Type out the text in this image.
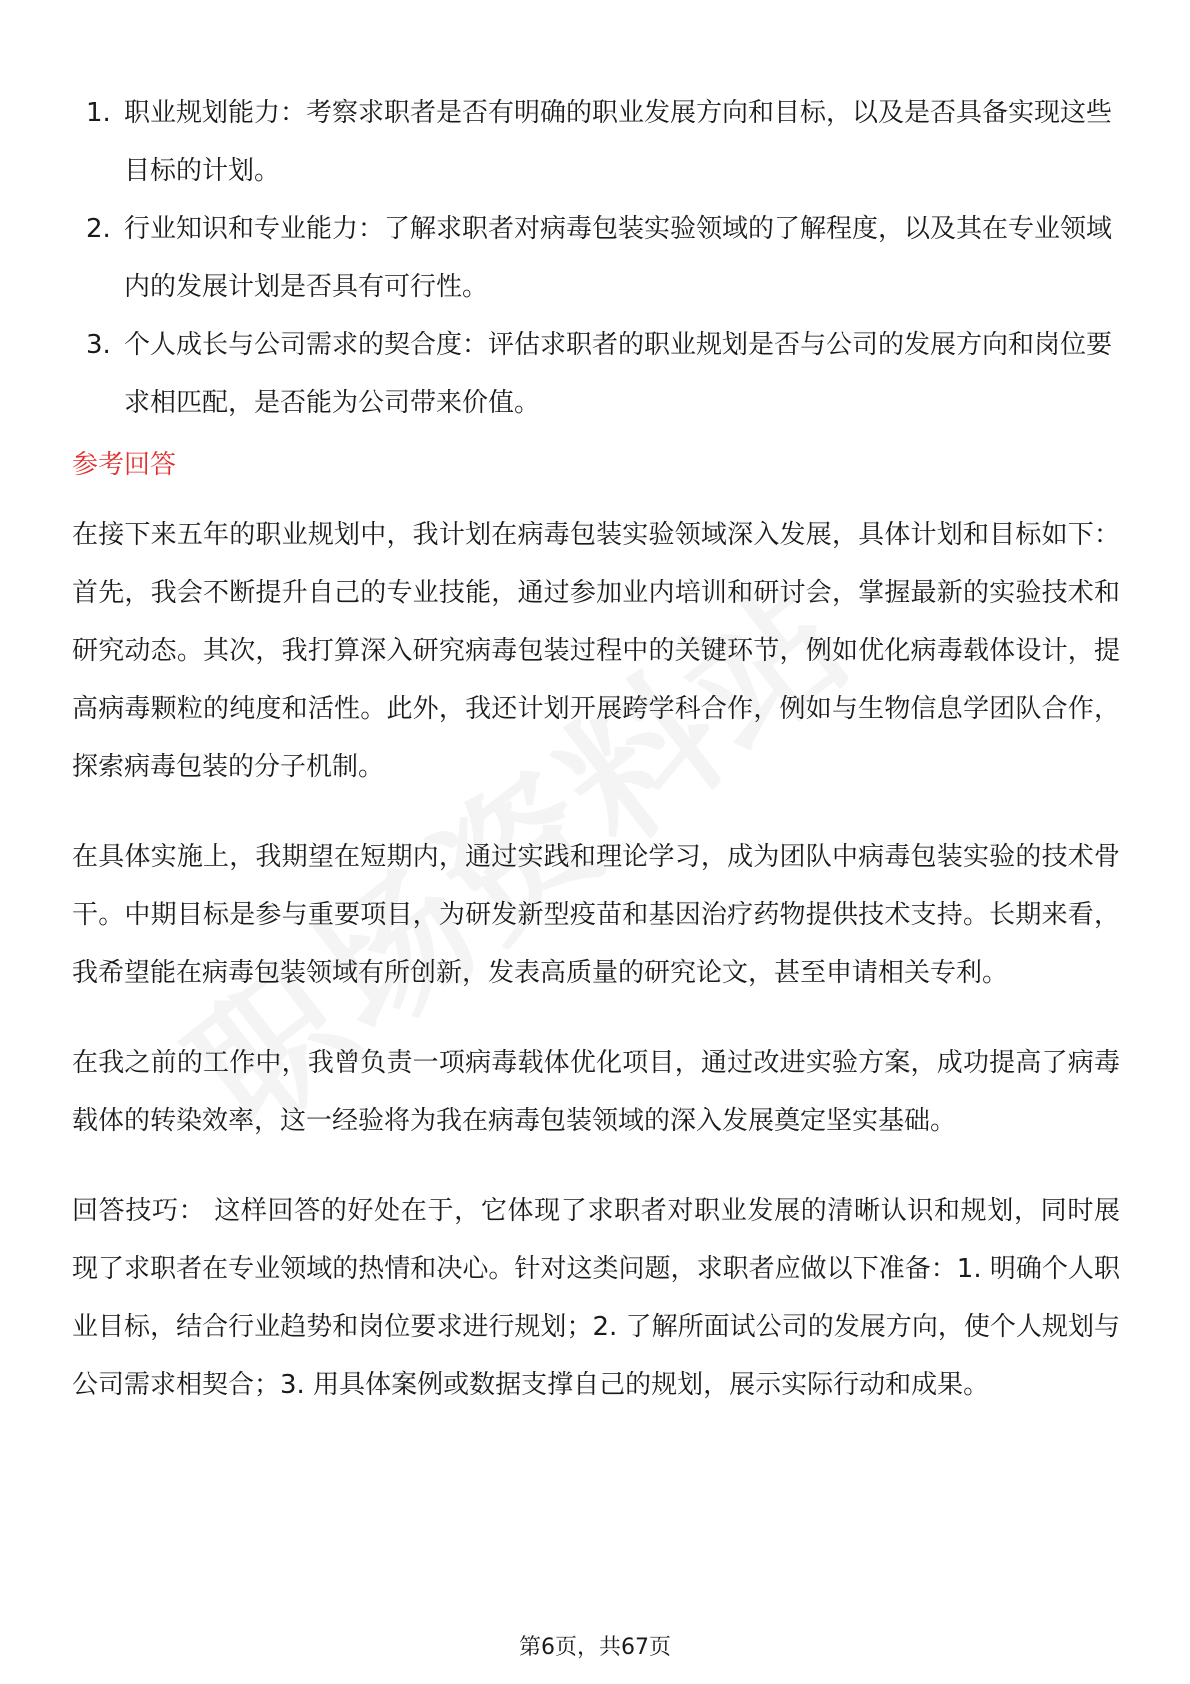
1. 职业规划能力：考察求职者是否有明确的职业发展方向和目标，以及是否具备实现这些目标的计划。
2. 行业知识和专业能力：了解求职者对病毒包装实验领域的了解程度，以及其在专业领域内的发展计划是否具有可行性。
3. 个人成长与公司需求的契合度：评估求职者的职业规划是否与公司的发展方向和岗位要求相匹配，是否能为公司带来价值。
参考回答

在接下来五年的职业规划中，我计划在病毒包装实验领域深入发展，具体计划和目标如下：首先，我会不断提升自己的专业技能，通过参加业内培训和研讨会，掌握最新的实验技术和研究动态。其次，我打算深入研究病毒包装过程中的关键环节，例如优化病毒载体设计，提高病毒颗粒的纯度和活性。此外，我还计划开展跨学科合作，例如与生物信息学团队合作，探索病毒包装的分子机制。

在具体实施上，我期望在短期内，通过实践和理论学习，成为团队中病毒包装实验的技术骨干。中期目标是参与重要项目，为研发新型疫苗和基因治疗药物提供技术支持。长期来看，我希望能在病毒包装领域有所创新，发表高质量的研究论文，甚至申请相关专利。

在我之前的工作中，我曾负责一项病毒载体优化项目，通过改进实验方案，成功提高了病毒载体的转染效率，这一经验将为我在病毒包装领域的深入发展奠定坚实基础。

回答技巧： 这样回答的好处在于，它体现了求职者对职业发展的清晰认识和规划，同时展现了求职者在专业领域的热情和决心。针对这类问题，求职者应做以下准备：1. 明确个人职业目标，结合行业趋势和岗位要求进行规划；2. 了解所面试公司的发展方向，使个人规划与公司需求相契合；3. 用具体案例或数据支撑自己的规划，展示实际行动和成果。

第6页，共67页
